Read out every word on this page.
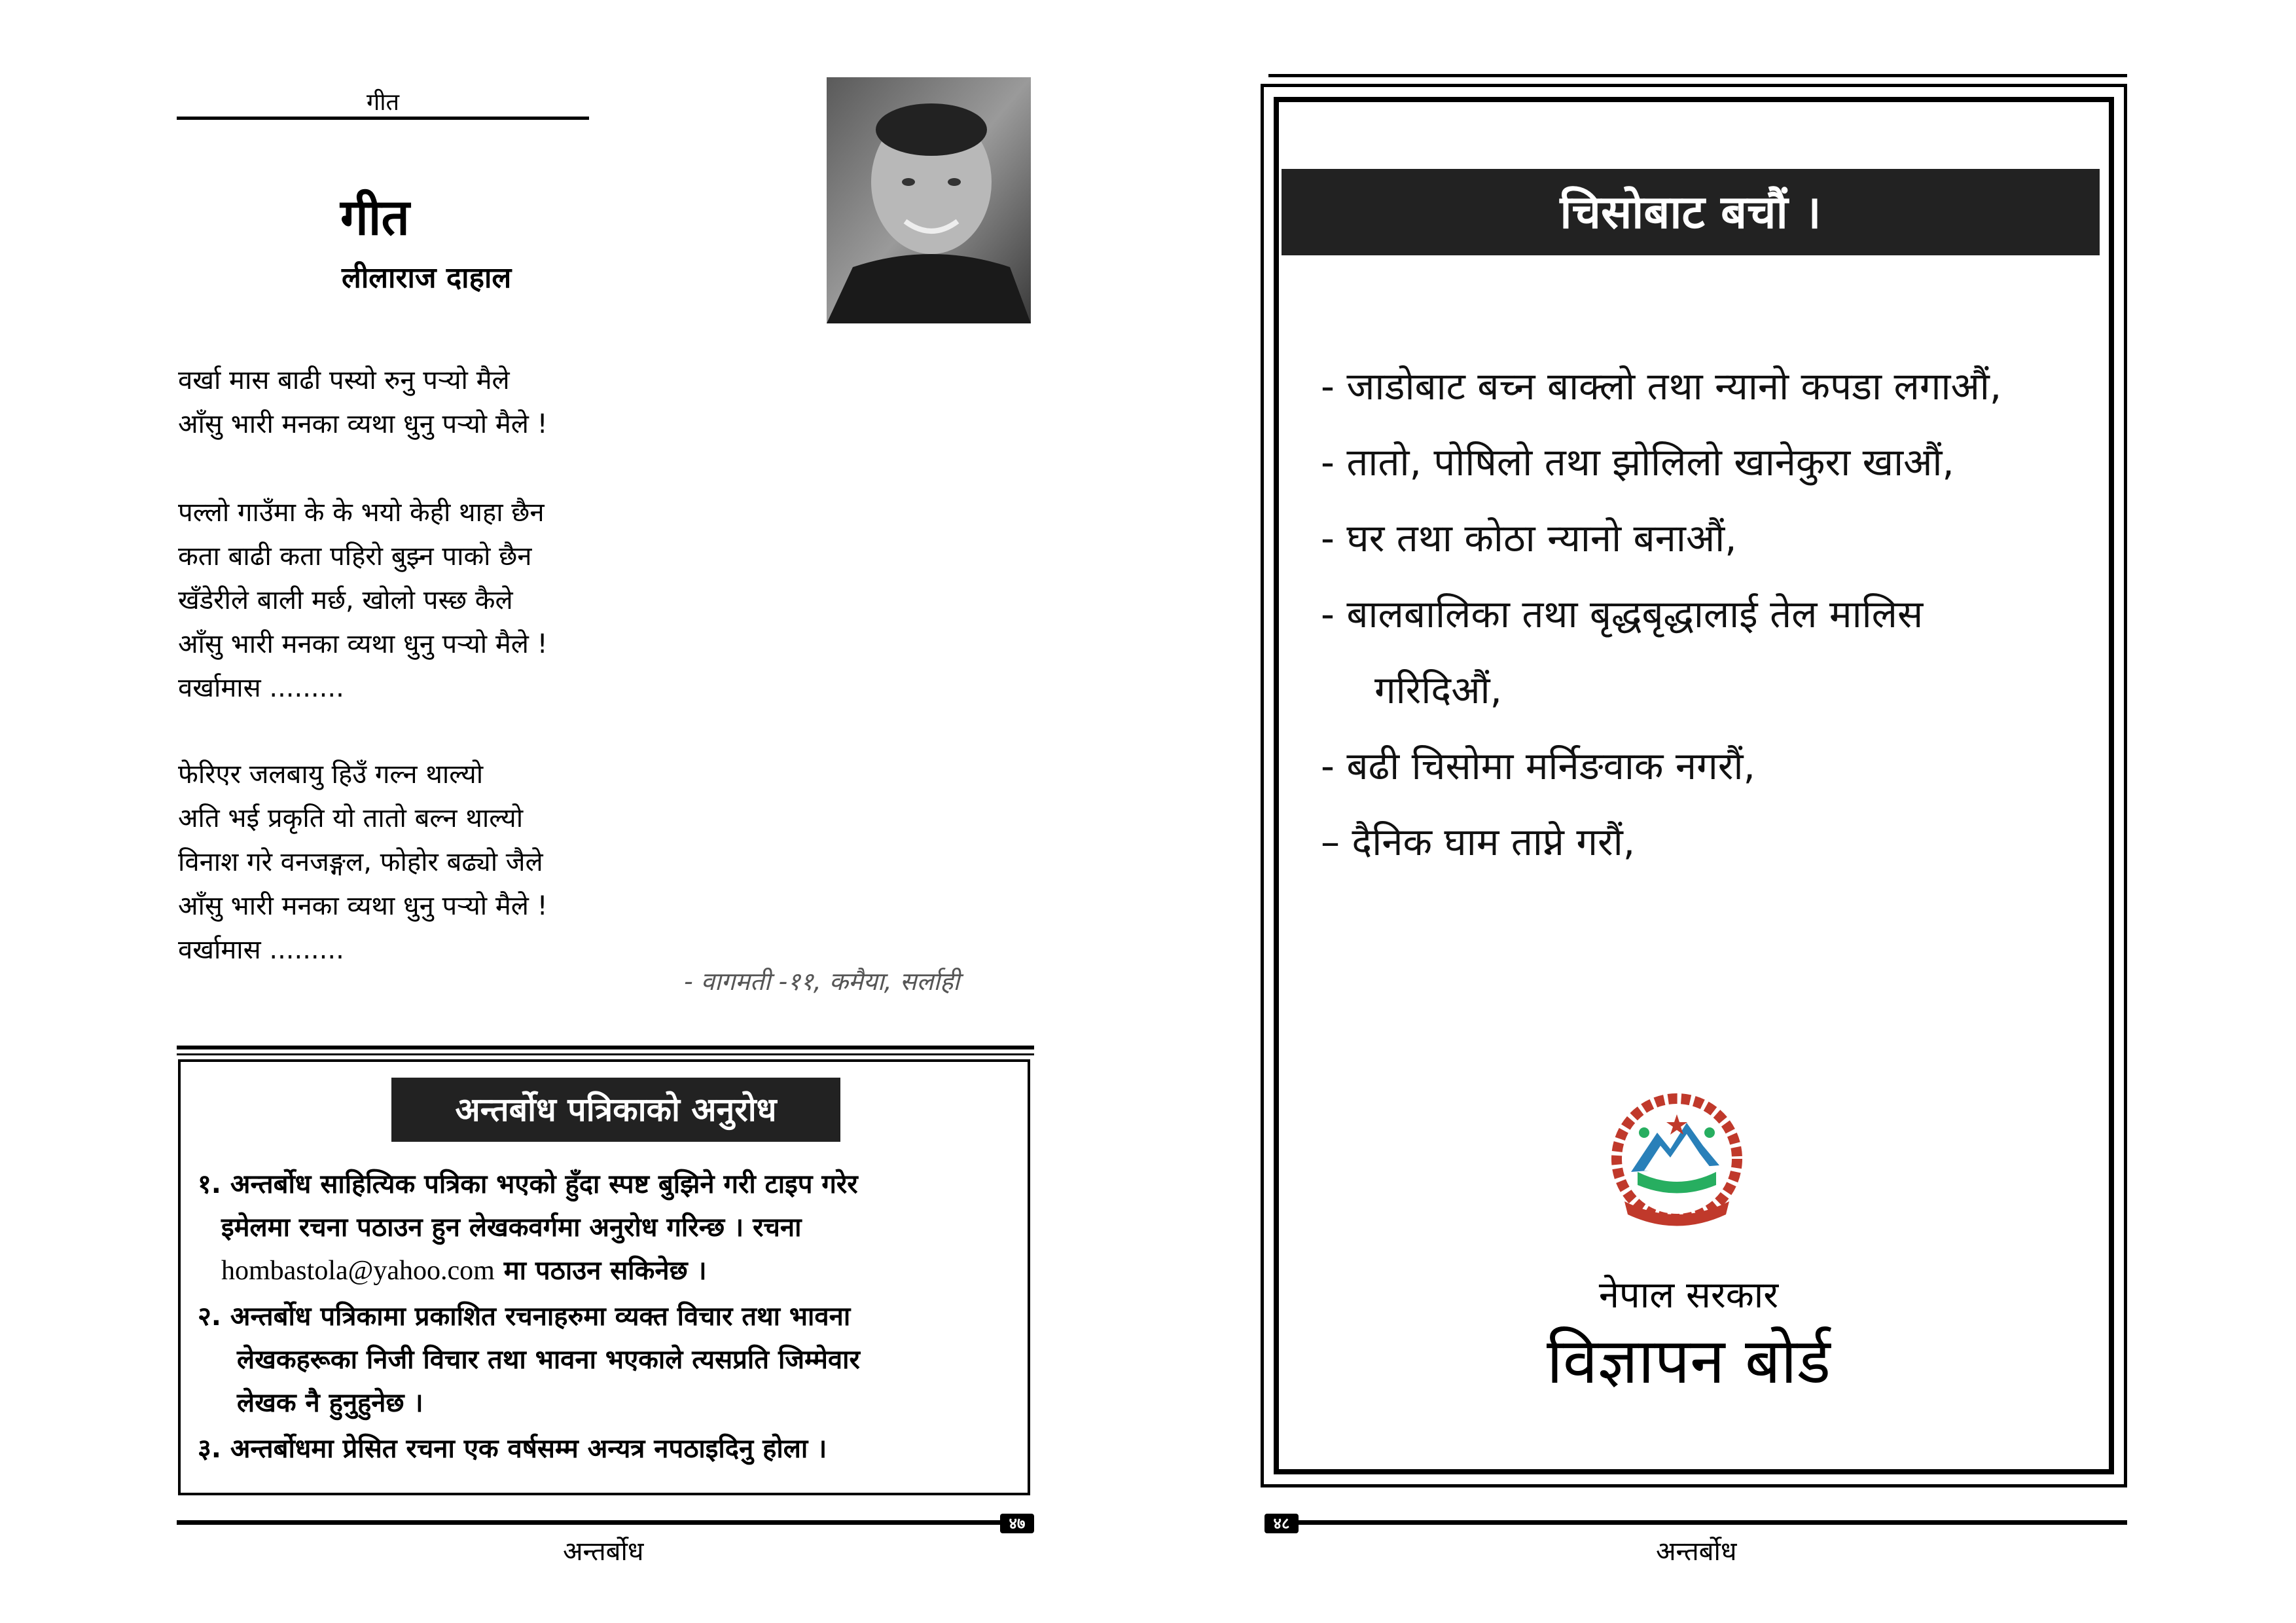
गीत
गीत
लीलाराज दाहाल
वर्खा मास बाढी पस्यो रुनु पऱ्यो मैले
आँसु भारी मनका व्यथा धुनु पऱ्यो मैले !
पल्लो गाउँमा के के भयो केही थाहा छैन
कता बाढी कता पहिरो बुझ्न पाको छैन
खँडेरीले बाली मर्छ, खोलो पस्छ कैले
आँसु भारी मनका व्यथा धुनु पऱ्यो मैले !
वर्खामास .........
फेरिएर जलबायु हिउँ गल्न थाल्यो
अति भई प्रकृति यो तातो बल्न थाल्यो
विनाश गरे वनजङ्गल, फोहोर बढ्यो जैले
आँसु भारी मनका व्यथा धुनु पऱ्यो मैले !
वर्खामास .........
- वागमती -११, कमैया, सर्लाही
अन्तर्बोध पत्रिकाको अनुरोध
१. अन्तर्बोध साहित्यिक पत्रिका भएको हुँदा स्पष्ट बुझिने गरी टाइप गरेर
इमेलमा रचना पठाउन हुन लेखकवर्गमा अनुरोध गरिन्छ । रचना
hombastola@yahoo.com मा पठाउन सकिनेछ ।
२. अन्तर्बोध पत्रिकामा प्रकाशित रचनाहरुमा व्यक्त विचार तथा भावना
लेखकहरूका निजी विचार तथा भावना भएकाले त्यसप्रति जिम्मेवार
लेखक नै हुनुहुनेछ ।
३. अन्तर्बोधमा प्रेसित रचना एक वर्षसम्म अन्यत्र नपठाइदिनु होला ।
४७
अन्तर्बोध
चिसोबाट बचौं ।
- जाडोबाट बच्न बाक्लो तथा न्यानो कपडा लगाऔं,
- तातो, पोषिलो तथा झोलिलो खानेकुरा खाऔं,
- घर तथा कोठा न्यानो बनाऔं,
- बालबालिका तथा बृद्धबृद्धालाई तेल मालिस
गरिदिऔं,
- बढी चिसोमा मर्निङवाक नगरौं,
– दैनिक घाम ताप्ने गरौं,
नेपाल सरकार
विज्ञापन बोर्ड
४८
अन्तर्बोध
